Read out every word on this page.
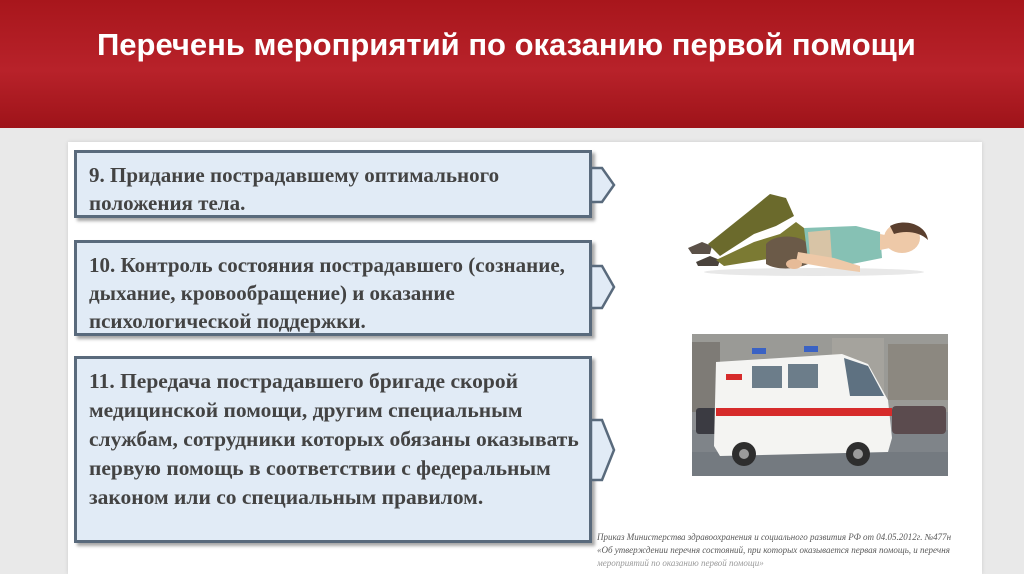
Перечень мероприятий по оказанию первой помощи
9. Придание пострадавшему оптимального положения тела.
10. Контроль состояния пострадавшего (сознание, дыхание, кровообращение) и оказание психологической поддержки.
11. Передача пострадавшего бригаде скорой медицинской помощи, другим специальным службам, сотрудники которых обязаны оказывать первую помощь в соответствии с федеральным законом или со специальным правилом.
Приказ Министерства здравоохранения и социального развития РФ от 04.05.2012г. №477н
«Об утверждении перечня состояний, при которых оказывается первая помощь, и перечня
мероприятий по оказанию первой помощи»
